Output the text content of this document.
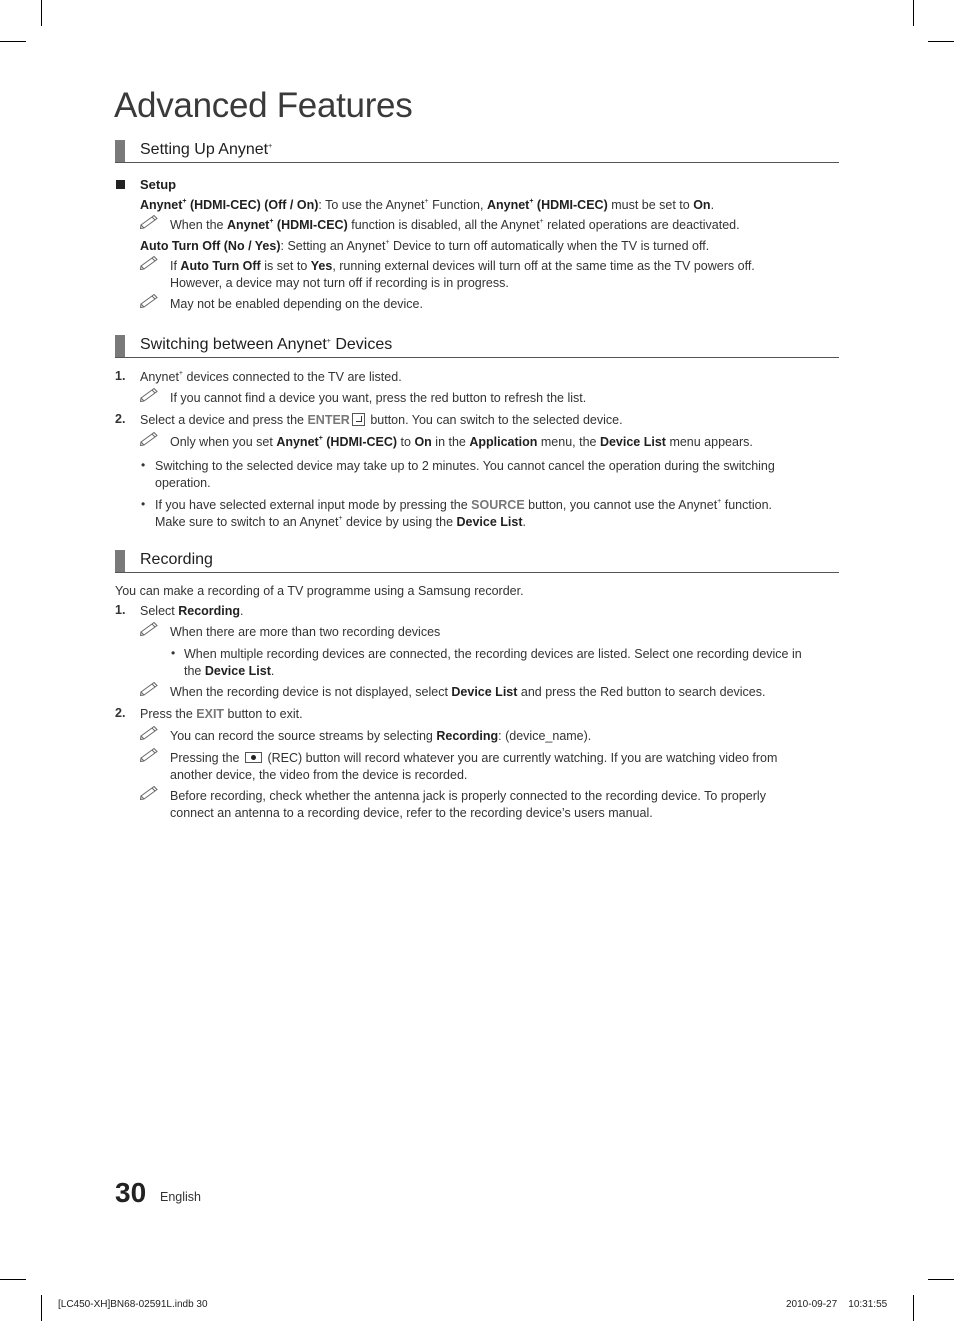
Advanced Features
Setting Up Anynet+
Setup
Anynet+ (HDMI-CEC) (Off / On): To use the Anynet+ Function, Anynet+ (HDMI-CEC) must be set to On.
When the Anynet+ (HDMI-CEC) function is disabled, all the Anynet+ related operations are deactivated.
Auto Turn Off (No / Yes): Setting an Anynet+ Device to turn off automatically when the TV is turned off.
If Auto Turn Off is set to Yes, running external devices will turn off at the same time as the TV powers off.
However, a device may not turn off if recording is in progress.
May not be enabled depending on the device.
Switching between Anynet+ Devices
1. Anynet+ devices connected to the TV are listed.
If you cannot find a device you want, press the red button to refresh the list.
2. Select a device and press the ENTER button. You can switch to the selected device.
Only when you set Anynet+ (HDMI-CEC) to On in the Application menu, the Device List menu appears.
• Switching to the selected device may take up to 2 minutes. You cannot cancel the operation during the switching
operation.
• If you have selected external input mode by pressing the SOURCE button, you cannot use the Anynet+ function.
Make sure to switch to an Anynet+ device by using the Device List.
Recording
You can make a recording of a TV programme using a Samsung recorder.
1. Select Recording.
When there are more than two recording devices
• When multiple recording devices are connected, the recording devices are listed. Select one recording device in
the Device List.
When the recording device is not displayed, select Device List and press the Red button to search devices.
2. Press the EXIT button to exit.
You can record the source streams by selecting Recording: (device_name).
Pressing the  (REC) button will record whatever you are currently watching. If you are watching video from
another device, the video from the device is recorded.
Before recording, check whether the antenna jack is properly connected to the recording device. To properly
connect an antenna to a recording device, refer to the recording device’s users manual.
30 English
[LC450-XH]BN68-02591L.indb 30	2010-09-27    10:31:55
